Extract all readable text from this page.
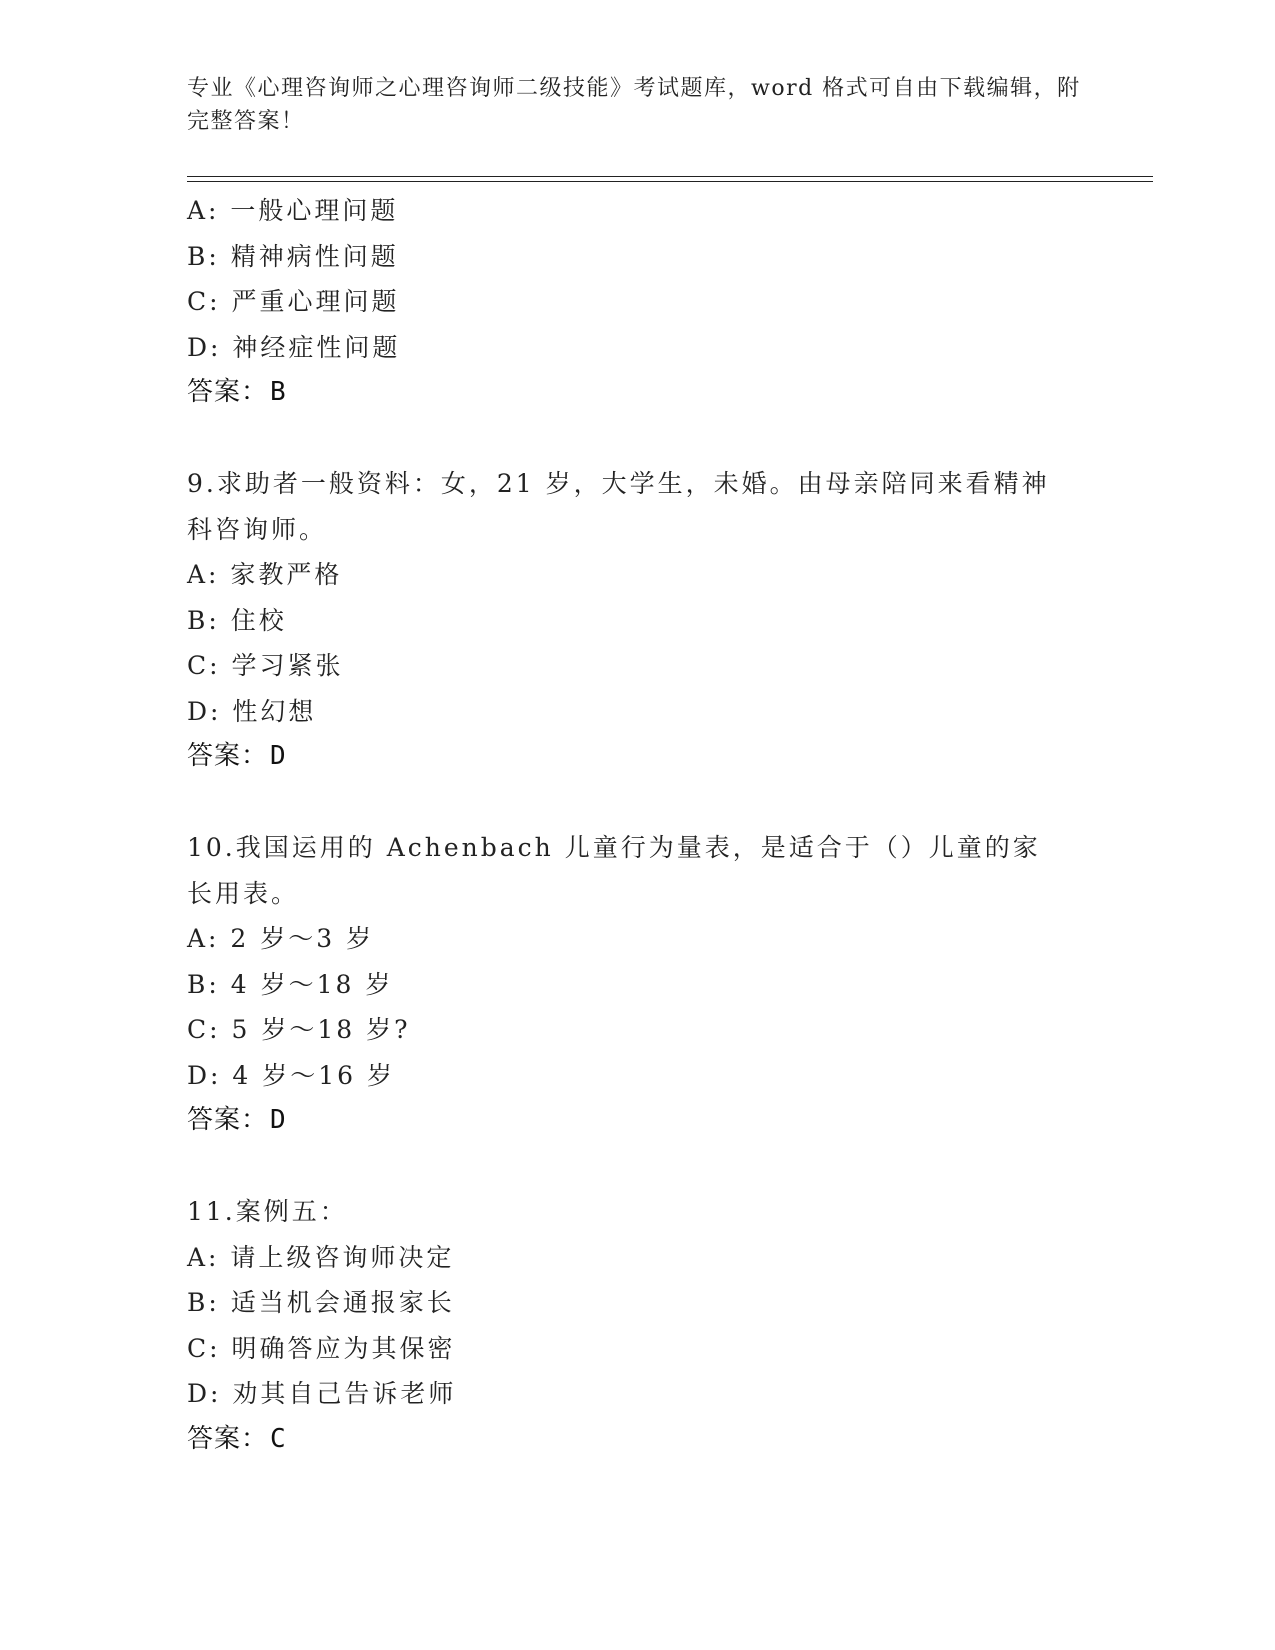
专业《心理咨询师之心理咨询师二级技能》考试题库，word 格式可自由下载编辑，附完整答案！
A: 一般心理问题
B: 精神病性问题
C: 严重心理问题
D: 神经症性问题
答案：B
9.求助者一般资料：女，21 岁，大学生，未婚。由母亲陪同来看精神科咨询师。
A: 家教严格
B: 住校
C: 学习紧张
D: 性幻想
答案：D
10.我国运用的 Achenbach 儿童行为量表，是适合于（）儿童的家长用表。
A: 2 岁～3 岁
B: 4 岁～18 岁
C: 5 岁～18 岁?
D: 4 岁～16 岁
答案：D
11.案例五：
A: 请上级咨询师决定
B: 适当机会通报家长
C: 明确答应为其保密
D: 劝其自己告诉老师
答案：C
